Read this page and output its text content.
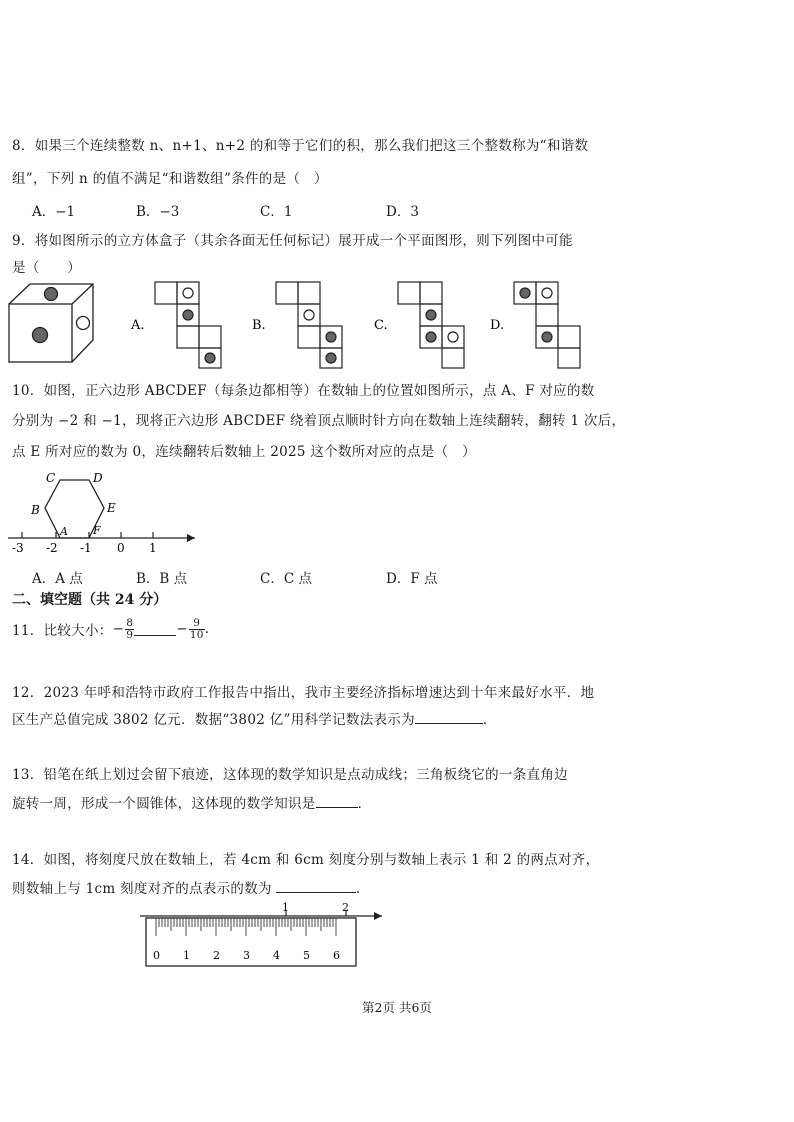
8．如果三个连续整数 n、n+1、n+2 的和等于它们的积，那么我们把这三个整数称为“和谐数
组”，下列 n 的值不满足“和谐数组”条件的是（　）
A．−1	B．−3	C．1	D．3
9．将如图所示的立方体盒子（其余各面无任何标记）展开成一个平面图形，则下列图中可能
是（　　）
A.	B.	C.	D.
10．如图，正六边形 ABCDEF（每条边都相等）在数轴上的位置如图所示，点 A、F 对应的数
分别为 −2 和 −1，现将正六边形 ABCDEF 绕着顶点顺时针方向在数轴上连续翻转，翻转 1 次后，
点 E 所对应的数为 0，连续翻转后数轴上 2025 这个数所对应的点是（　）
C	D
B	E
A F
-3 -2 -1 0 1
A．A 点	B．B 点	C．C 点	D．F 点
二、填空题（共 24 分）
11．比较大小： − $\frac{8}{9}$	− $\frac{9}{10}$ .
12．2023 年呼和浩特市政府工作报告中指出，我市主要经济指标增速达到十年来最好水平．地
区生产总值完成 3802 亿元．数据“3802 亿”用科学记数法表示为	．
13．铅笔在纸上划过会留下痕迹，这体现的数学知识是点动成线；三角板绕它的一条直角边
旋转一周，形成一个圆锥体，这体现的数学知识是	．
14．如图，将刻度尺放在数轴上，若 4cm 和 6cm 刻度分别与数轴上表示 1 和 2 的两点对齐，
则数轴上与 1cm 刻度对齐的点表示的数为	．
1	2
0 1 2 3 4 5 6
第2页 共6页
